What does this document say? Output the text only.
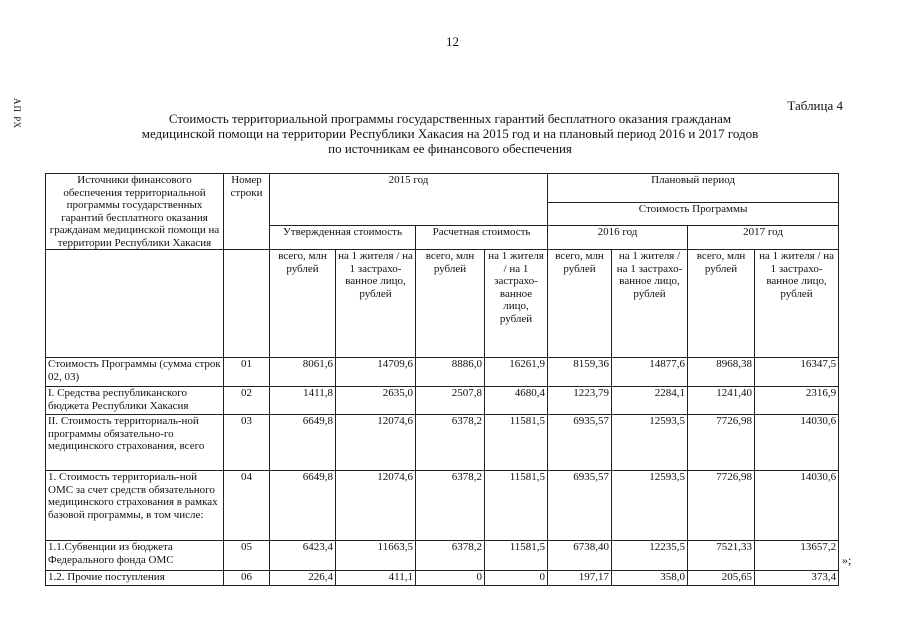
12
АП РХ	Таблица 4
Стоимость территориальной программы государственных гарантий бесплатного оказания гражданам
медицинской помощи на территории Республики Хакасия на 2015 год и на плановый период 2016 и 2017 годов
по источникам ее финансового обеспечения
Источники финансового обеспечения территориальной программы государственных гарантий бесплатного оказания гражданам медицинской помощи на территории Республики Хакасия	Номер строки	2015 год				Плановый период			
						Стоимость Программы			
		Утвержденная стоимость		Расчетная стоимость		2016 год		2017 год	
		всего, млн рублей	на 1 жителя / на 1 застрахо-ванное лицо, рублей	всего, млн рублей	на 1 жителя / на 1 застрахо-ванное лицо, рублей	всего, млн рублей	на 1 жителя / на 1 застрахо-ванное лицо, рублей	всего, млн рублей	на 1 жителя / на 1 застрахо-ванное лицо, рублей
Стоимость Программы (сумма строк 02, 03)	01	8061,6	14709,6	8886,0	16261,9	8159,36	14877,6	8968,38	16347,5
I. Средства республиканского бюджета Республики Хакасия	02	1411,8	2635,0	2507,8	4680,4	1223,79	2284,1	1241,40	2316,9
II. Стоимость территориаль-ной программы обязательно-го медицинского страхования, всего	03	6649,8	12074,6	6378,2	11581,5	6935,57	12593,5	7726,98	14030,6
1. Стоимость территориаль-ной ОМС за счет средств обязательного медицинского страхования в рамках базовой программы, в том числе:	04	6649,8	12074,6	6378,2	11581,5	6935,57	12593,5	7726,98	14030,6
1.1.Субвенции из бюджета Федерального фонда ОМС	05	6423,4	11663,5	6378,2	11581,5	6738,40	12235,5	7521,33	13657,2
1.2. Прочие поступления	06	226,4	411,1	0	0	197,17	358,0	205,65	373,4
»;
